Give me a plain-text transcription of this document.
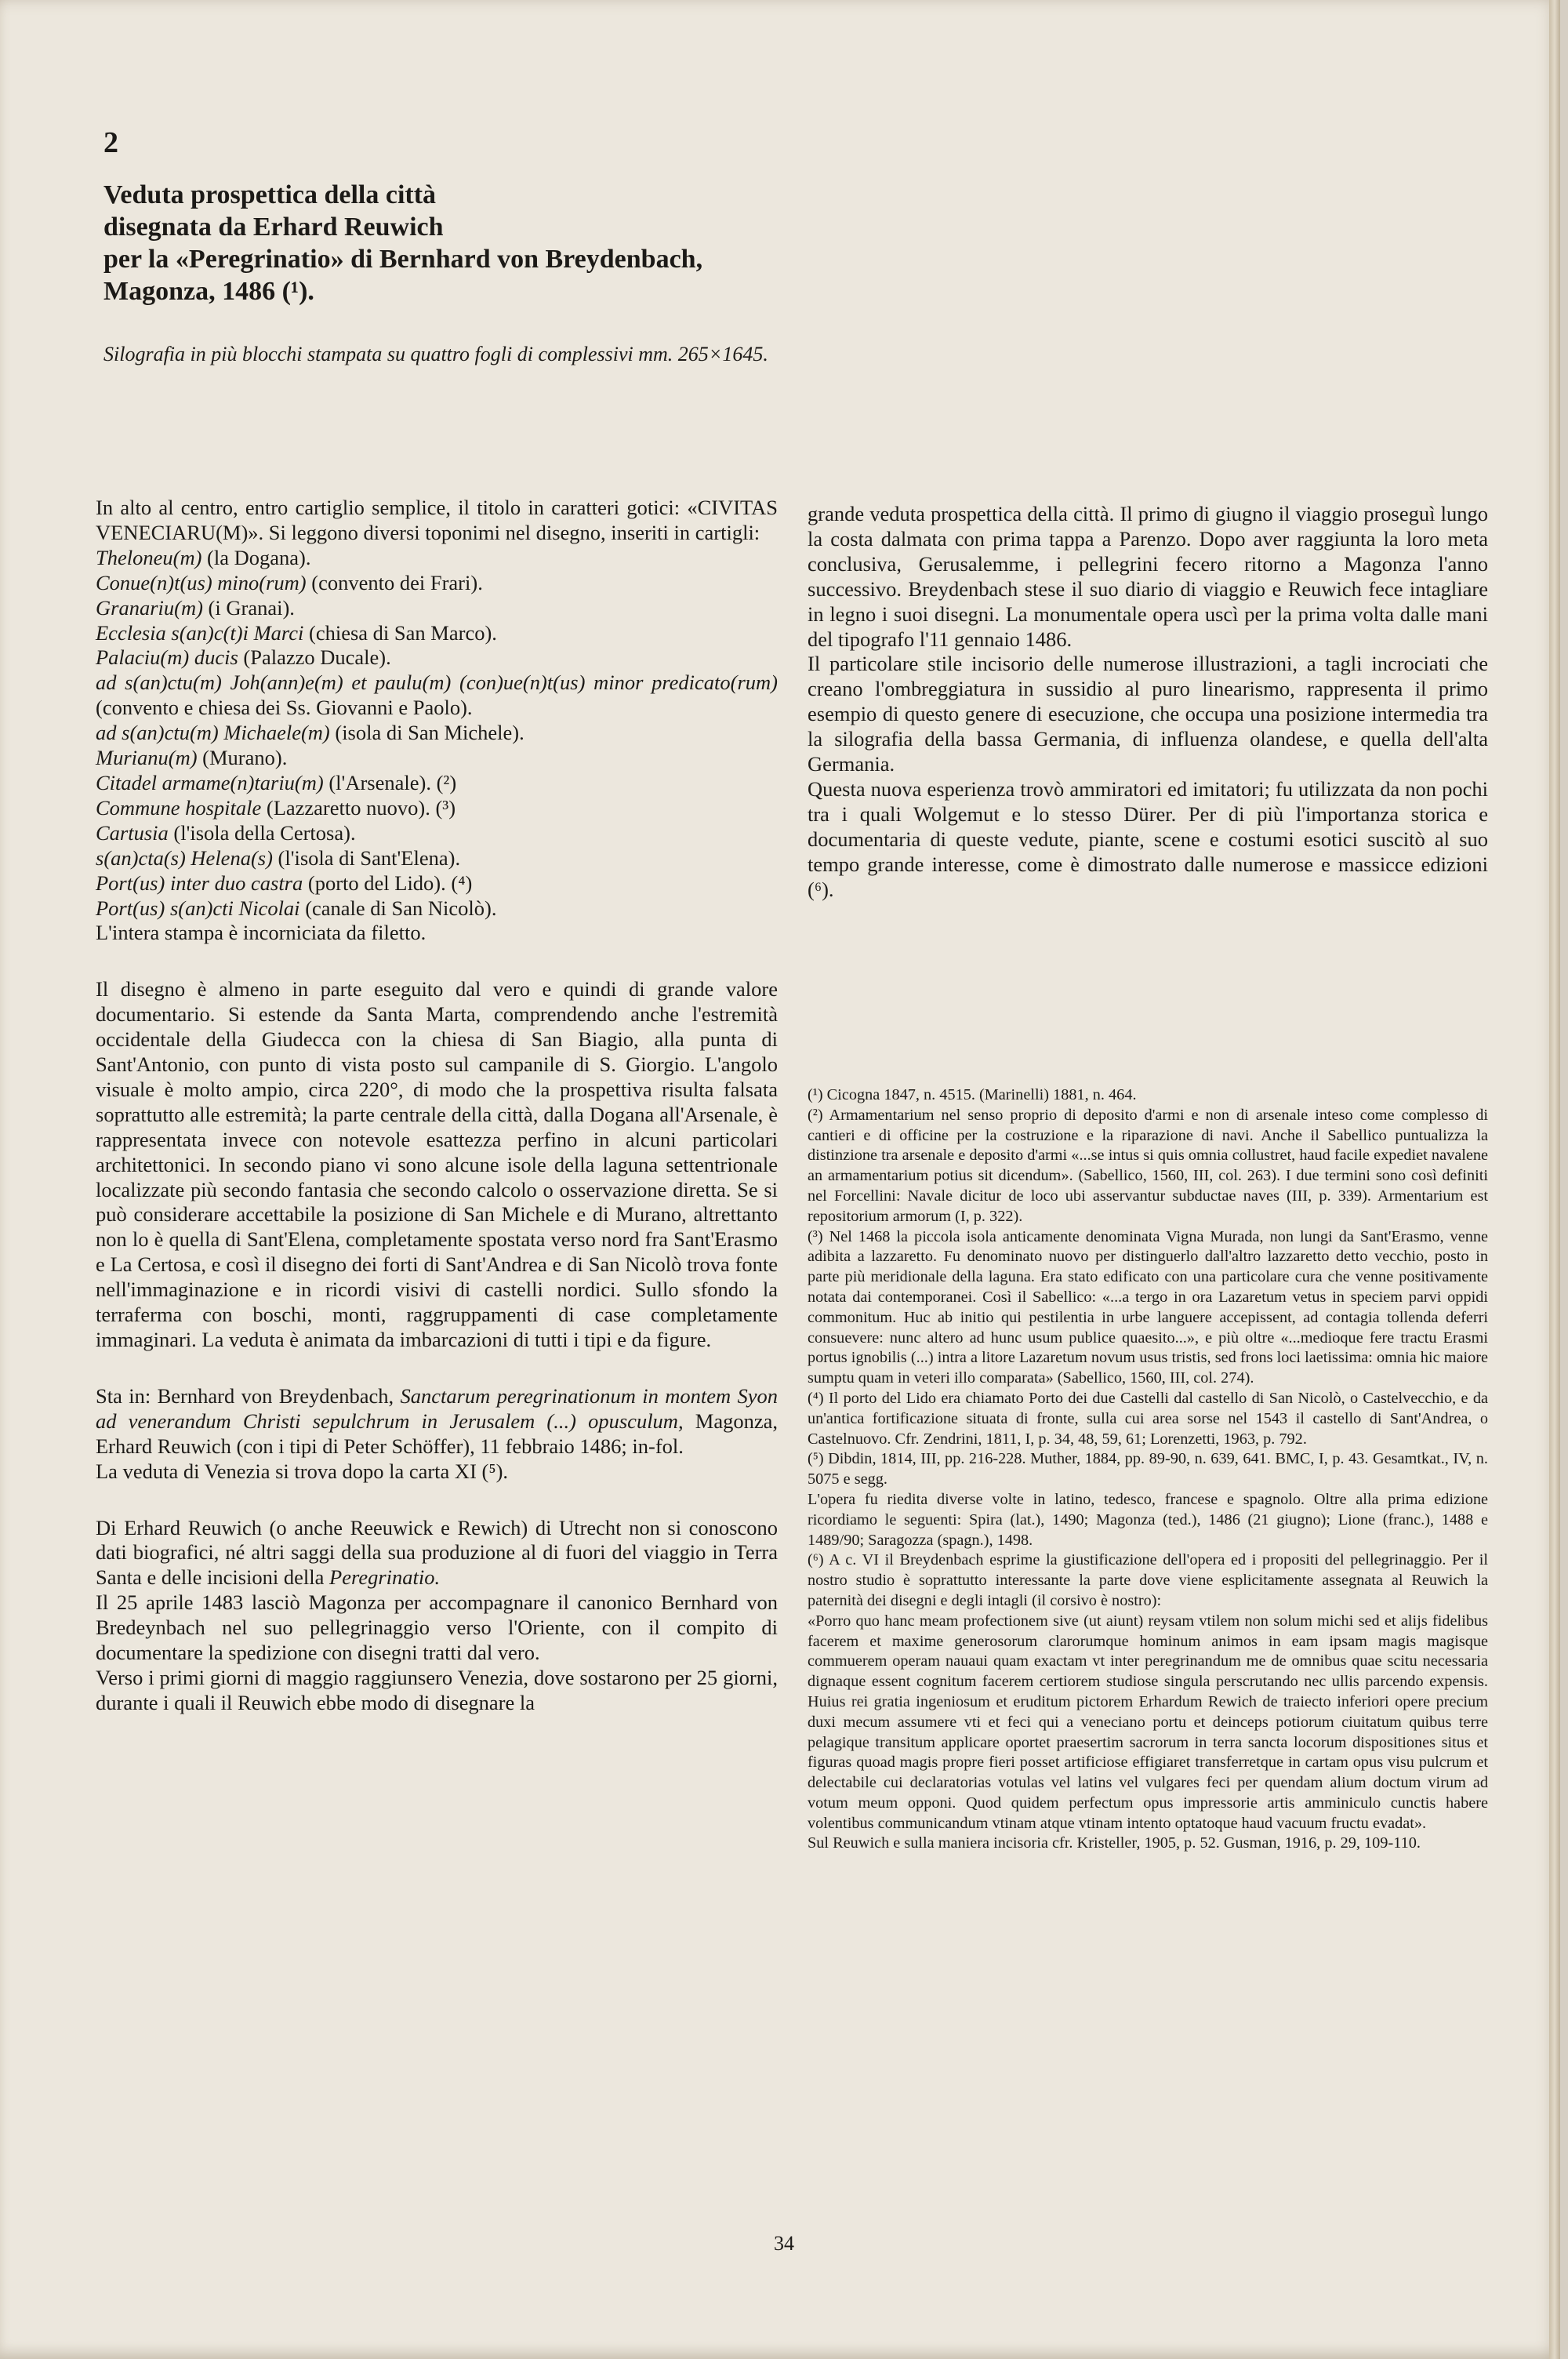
2
Veduta prospettica della città
disegnata da Erhard Reuwich
per la «Peregrinatio» di Bernhard von Breydenbach,
Magonza, 1486 (¹).
Silografia in più blocchi stampata su quattro fogli di complessivi mm. 265×1645.

In alto al centro, entro cartiglio semplice, il titolo in caratteri gotici: «CIVITAS VENECIARU(M)». Si leggono diversi toponimi nel disegno, inseriti in cartigli:

Theloneu(m) (la Dogana).
Conue(n)t(us) mino(rum) (convento dei Frari).
Granariu(m) (i Granai).
Ecclesia s(an)c(t)i Marci (chiesa di San Marco).
Palaciu(m) ducis (Palazzo Ducale).
ad s(an)ctu(m) Joh(ann)e(m) et paulu(m) (con)ue(n)t(us) minor predicato(rum) (convento e chiesa dei Ss. Giovanni e Paolo).
ad s(an)ctu(m) Michaele(m) (isola di San Michele).
Murianu(m) (Murano).
Citadel armame(n)tariu(m) (l'Arsenale). (²)
Commune hospitale (Lazzaretto nuovo). (³)
Cartusia (l'isola della Certosa).
s(an)cta(s) Helena(s) (l'isola di Sant'Elena).
Port(us) inter duo castra (porto del Lido). (⁴)
Port(us) s(an)cti Nicolai (canale di San Nicolò).

L'intera stampa è incorniciata da filetto.

Il disegno è almeno in parte eseguito dal vero e quindi di grande valore documentario. Si estende da Santa Marta, comprendendo anche l'estremità occidentale della Giudecca con la chiesa di San Biagio, alla punta di Sant'Antonio, con punto di vista posto sul campanile di S. Giorgio. L'angolo visuale è molto ampio, circa 220°, di modo che la prospettiva risulta falsata soprattutto alle estremità; la parte centrale della città, dalla Dogana all'Arsenale, è rappresentata invece con notevole esattezza perfino in alcuni particolari architettonici. In secondo piano vi sono alcune isole della laguna settentrionale localizzate più secondo fantasia che secondo calcolo o osservazione diretta. Se si può considerare accettabile la posizione di San Michele e di Murano, altrettanto non lo è quella di Sant'Elena, completamente spostata verso nord fra Sant'Erasmo e La Certosa, e così il disegno dei forti di Sant'Andrea e di San Nicolò trova fonte nell'immaginazione e in ricordi visivi di castelli nordici. Sullo sfondo la terraferma con boschi, monti, raggruppamenti di case completamente immaginari. La veduta è animata da imbarcazioni di tutti i tipi e da figure.

Sta in: Bernhard von Breydenbach, Sanctarum peregrinationum in montem Syon ad venerandum Christi sepulchrum in Jerusalem (...) opusculum, Magonza, Erhard Reuwich (con i tipi di Peter Schöffer), 11 febbraio 1486; in-fol.

La veduta di Venezia si trova dopo la carta XI (⁵).

Di Erhard Reuwich (o anche Reeuwick e Rewich) di Utrecht non si conoscono dati biografici, né altri saggi della sua produzione al di fuori del viaggio in Terra Santa e delle incisioni della Peregrinatio.

Il 25 aprile 1483 lasciò Magonza per accompagnare il canonico Bernhard von Bredeynbach nel suo pellegrinaggio verso l'Oriente, con il compito di documentare la spedizione con disegni tratti dal vero.

Verso i primi giorni di maggio raggiunsero Venezia, dove sostarono per 25 giorni, durante i quali il Reuwich ebbe modo di disegnare la

grande veduta prospettica della città. Il primo di giugno il viaggio proseguì lungo la costa dalmata con prima tappa a Parenzo. Dopo aver raggiunta la loro meta conclusiva, Gerusalemme, i pellegrini fecero ritorno a Magonza l'anno successivo. Breydenbach stese il suo diario di viaggio e Reuwich fece intagliare in legno i suoi disegni. La monumentale opera uscì per la prima volta dalle mani del tipografo l'11 gennaio 1486.

Il particolare stile incisorio delle numerose illustrazioni, a tagli incrociati che creano l'ombreggiatura in sussidio al puro linearismo, rappresenta il primo esempio di questo genere di esecuzione, che occupa una posizione intermedia tra la silografia della bassa Germania, di influenza olandese, e quella dell'alta Germania.

Questa nuova esperienza trovò ammiratori ed imitatori; fu utilizzata da non pochi tra i quali Wolgemut e lo stesso Dürer. Per di più l'importanza storica e documentaria di queste vedute, piante, scene e costumi esotici suscitò al suo tempo grande interesse, come è dimostrato dalle numerose e massicce edizioni (⁶).

(¹) Cicogna 1847, n. 4515. (Marinelli) 1881, n. 464.

(²) Armamentarium nel senso proprio di deposito d'armi e non di arsenale inteso come complesso di cantieri e di officine per la costruzione e la riparazione di navi. Anche il Sabellico puntualizza la distinzione tra arsenale e deposito d'armi «...se intus si quis omnia collustret, haud facile expediet navalene an armamentarium potius sit dicendum». (Sabellico, 1560, III, col. 263). I due termini sono così definiti nel Forcellini: Navale dicitur de loco ubi asservantur subductae naves (III, p. 339). Armentarium est repositorium armorum (I, p. 322).

(³) Nel 1468 la piccola isola anticamente denominata Vigna Murada, non lungi da Sant'Erasmo, venne adibita a lazzaretto. Fu denominato nuovo per distinguerlo dall'altro lazzaretto detto vecchio, posto in parte più meridionale della laguna. Era stato edificato con una particolare cura che venne positivamente notata dai contemporanei. Così il Sabellico: «...a tergo in ora Lazaretum vetus in speciem parvi oppidi commonitum. Huc ab initio qui pestilentia in urbe languere accepissent, ad contagia tollenda deferri consuevere: nunc altero ad hunc usum publice quaesito...», e più oltre «...medioque fere tractu Erasmi portus ignobilis (...) intra a litore Lazaretum novum usus tristis, sed frons loci laetissima: omnia hic maiore sumptu quam in veteri illo comparata» (Sabellico, 1560, III, col. 274).

(⁴) Il porto del Lido era chiamato Porto dei due Castelli dal castello di San Nicolò, o Castelvecchio, e da un'antica fortificazione situata di fronte, sulla cui area sorse nel 1543 il castello di Sant'Andrea, o Castelnuovo. Cfr. Zendrini, 1811, I, p. 34, 48, 59, 61; Lorenzetti, 1963, p. 792.

(⁵) Dibdin, 1814, III, pp. 216-228. Muther, 1884, pp. 89-90, n. 639, 641. BMC, I, p. 43. Gesamtkat., IV, n. 5075 e segg.

L'opera fu riedita diverse volte in latino, tedesco, francese e spagnolo. Oltre alla prima edizione ricordiamo le seguenti: Spira (lat.), 1490; Magonza (ted.), 1486 (21 giugno); Lione (franc.), 1488 e 1489/90; Saragozza (spagn.), 1498.

(⁶) A c. VI il Breydenbach esprime la giustificazione dell'opera ed i propositi del pellegrinaggio. Per il nostro studio è soprattutto interessante la parte dove viene esplicitamente assegnata al Reuwich la paternità dei disegni e degli intagli (il corsivo è nostro):

«Porro quo hanc meam profectionem sive (ut aiunt) reysam vtilem non solum michi sed et alijs fidelibus facerem et maxime generosorum clarorumque hominum animos in eam ipsam magis magisque commuerem operam nauaui quam exactam vt inter peregrinandum me de omnibus quae scitu necessaria dignaque essent cognitum facerem certiorem studiose singula perscrutando nec ullis parcendo expensis. Huius rei gratia ingeniosum et eruditum pictorem Erhardum Rewich de traiecto inferiori opere precium duxi mecum assumere vti et feci qui a veneciano portu et deinceps potiorum ciuitatum quibus terre pelagique transitum applicare oportet praesertim sacrorum in terra sancta locorum dispositiones situs et figuras quoad magis propre fieri posset artificiose effigiaret transferretque in cartam opus visu pulcrum et delectabile cui declaratorias votulas vel latins vel vulgares feci per quendam alium doctum virum ad votum meum opponi. Quod quidem perfectum opus impressorie artis amminiculo cunctis habere volentibus communicandum vtinam atque vtinam intento optatoque haud vacuum fructu evadat».

Sul Reuwich e sulla maniera incisoria cfr. Kristeller, 1905, p. 52. Gusman, 1916, p. 29, 109-110.

34
